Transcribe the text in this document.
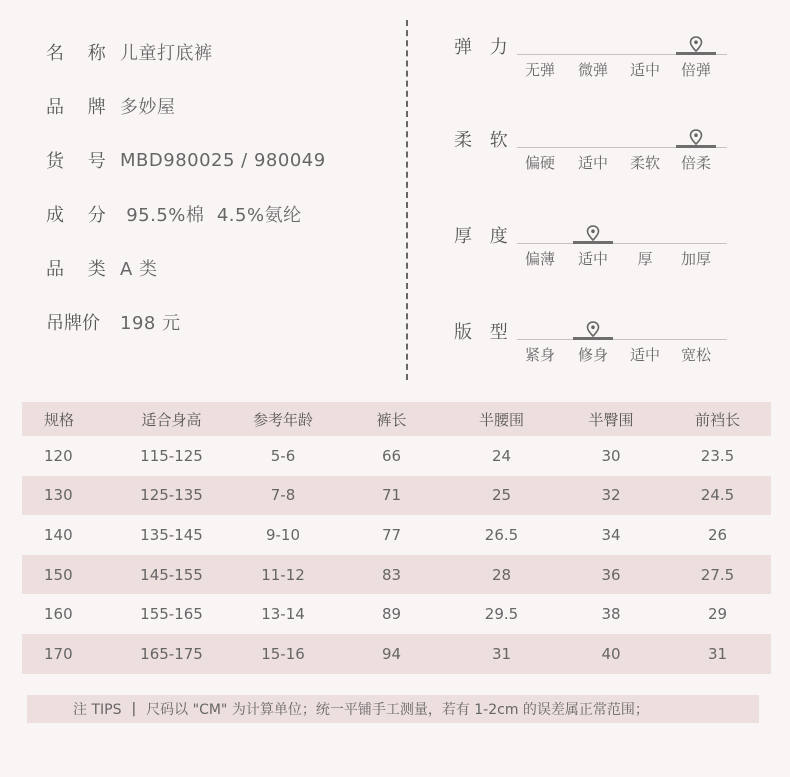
名 称 儿童打底裤
品 牌 多妙屋
货 号 MBD980025 / 980049
成 分 95.5%棉  4.5%氨纶
品 类 A 类
吊牌价	198 元
弹 力
无弹	微弹	适中	倍弹
柔 软
偏硬	适中	柔软	倍柔
厚 度
偏薄	适中	厚	加厚
版 型
紧身	修身	适中	宽松
规格	适合身高	参考年龄	裤长	半腰围	半臀围	前裆长
120	115-125	5-6	66	24	30	23.5
130	125-135	7-8	71	25	32	24.5
140	135-145	9-10	77	26.5	34	26
150	145-155	11-12	83	28	36	27.5
160	155-165	13-14	89	29.5	38	29
170	165-175	15-16	94	31	40	31
注 TIPS | 尺码以 "CM" 为计算单位；统一平铺手工测量，若有 1-2cm 的误差属正常范围；
